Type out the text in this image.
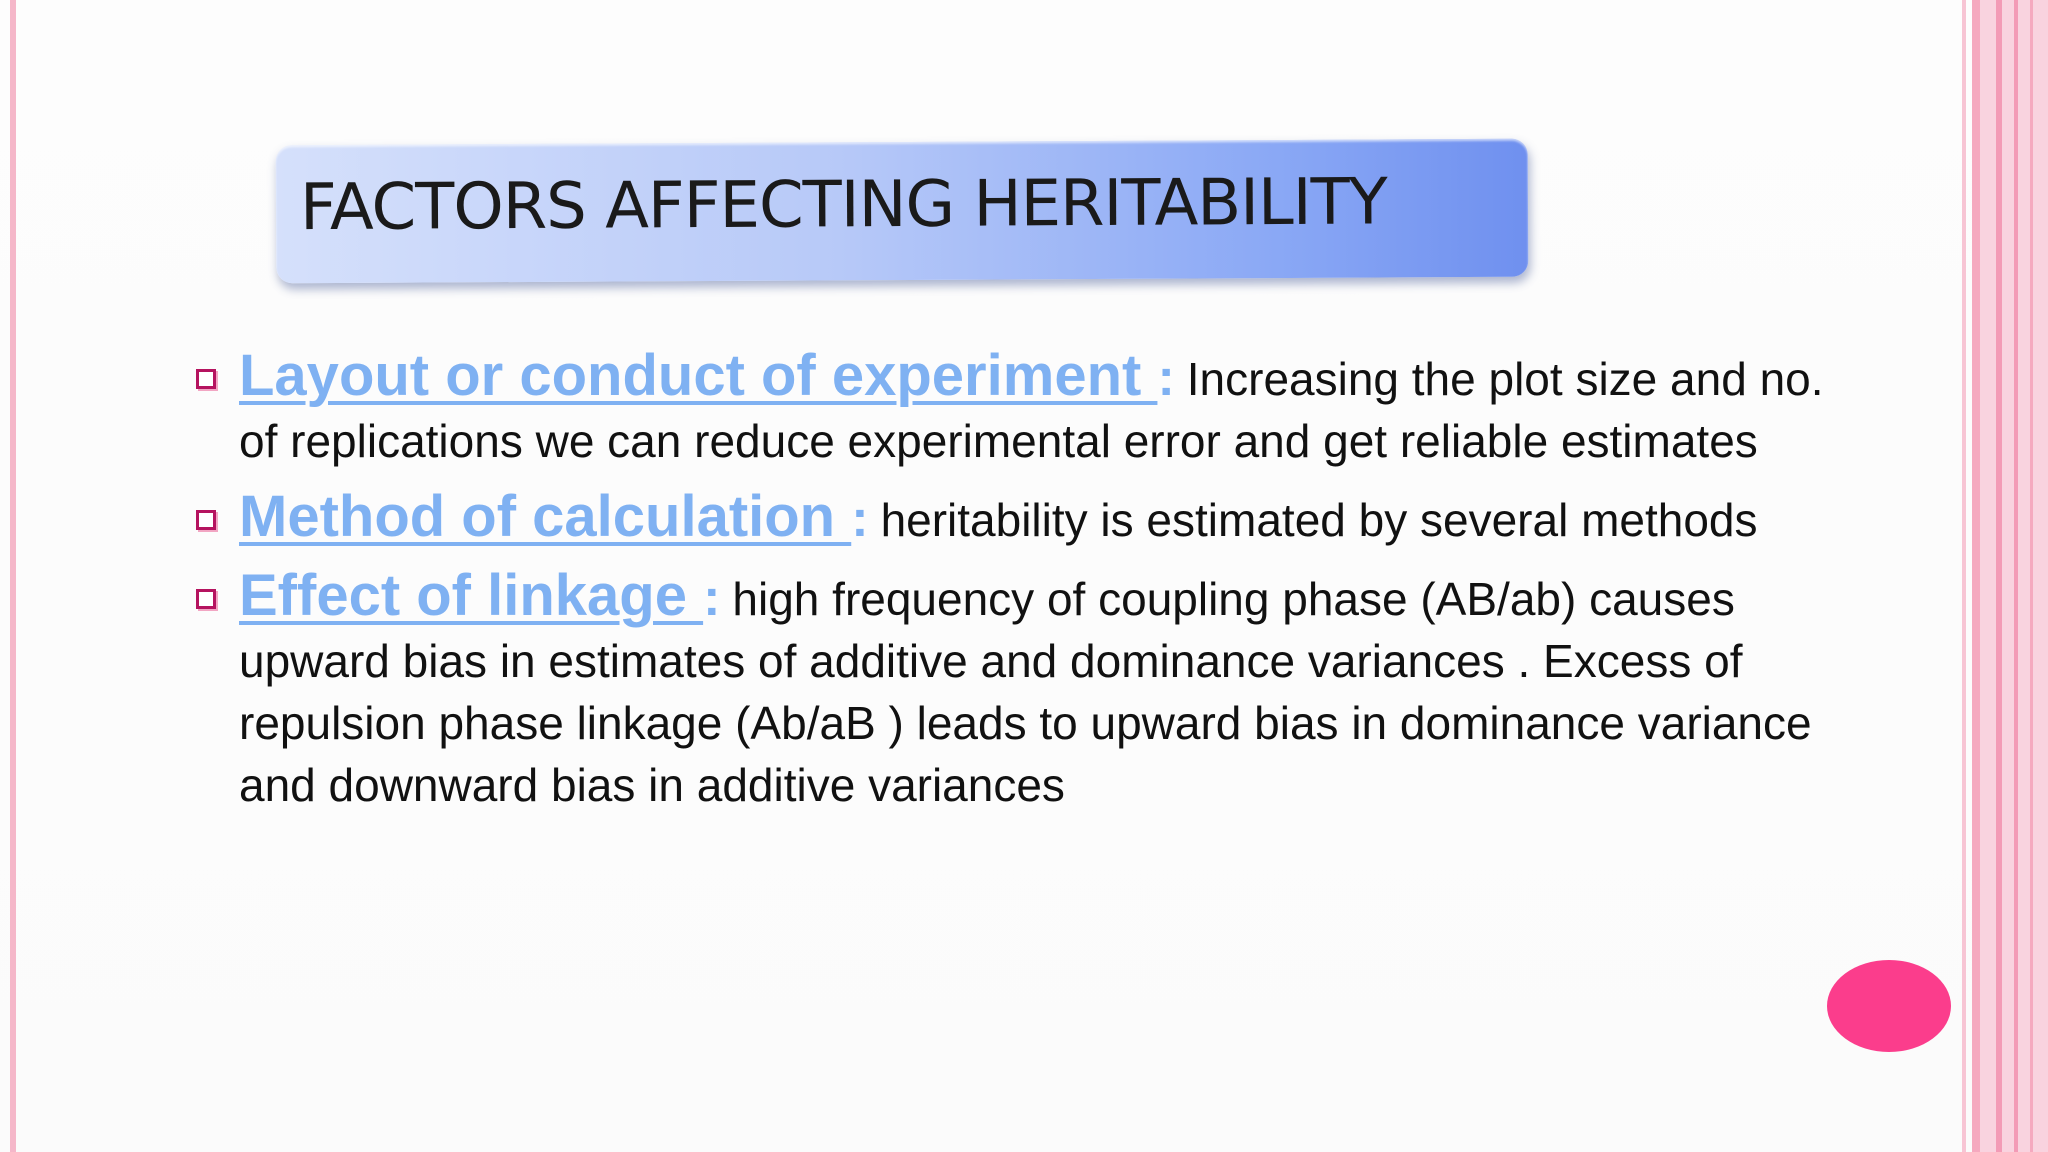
FACTORS AFFECTING HERITABILITY
Layout or conduct of experiment : Increasing the plot size and no. of replications we can reduce experimental error and get reliable estimates
Method of calculation : heritability is estimated by several methods
Effect of linkage : high frequency of coupling phase (AB/ab) causes upward bias in estimates of additive and dominance variances . Excess of repulsion phase linkage (Ab/aB ) leads to upward bias in dominance variance and downward bias in additive variances
